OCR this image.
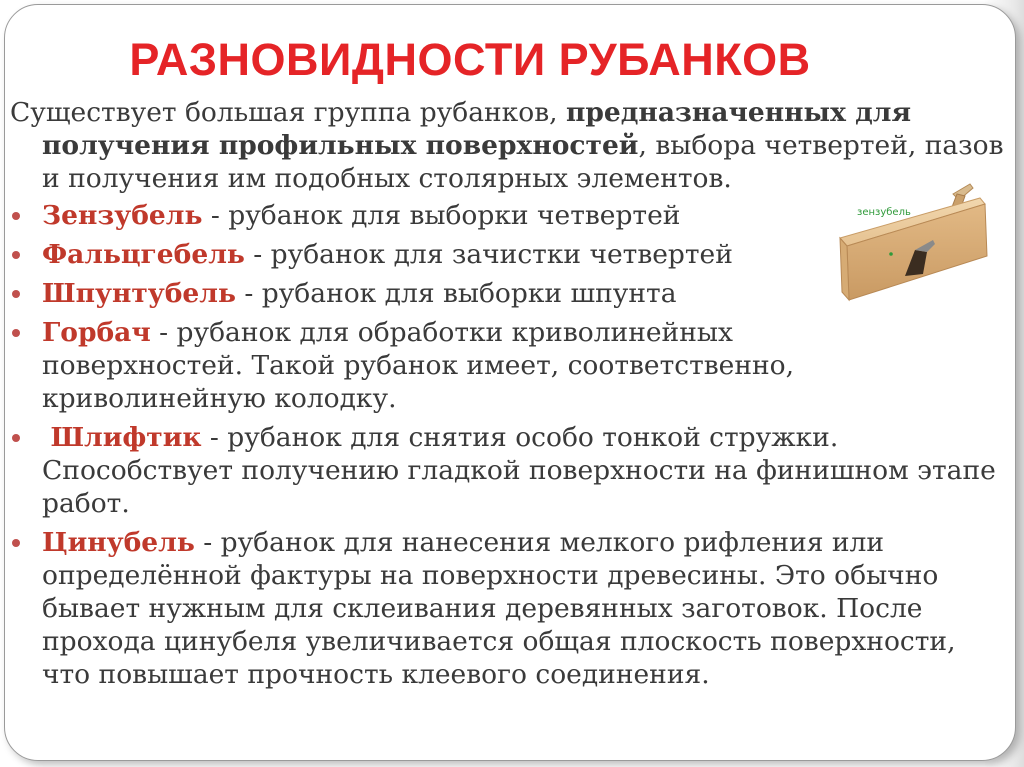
РАЗНОВИДНОСТИ РУБАНКОВ

Существует большая группа рубанков, предназначенных для получения профильных поверхностей, выбора четвертей, пазов и получения им подобных столярных элементов.

Зензубель - рубанок для выборки четвертей
Фальцгебель - рубанок для зачистки четвертей
Шпунтубель - рубанок для выборки шпунта
Горбач - рубанок для обработки криволинейных поверхностей. Такой рубанок имеет, соответственно, криволинейную колодку.
Шлифтик - рубанок для снятия особо тонкой стружки. Способствует получению гладкой поверхности на финишном этапе работ.
Цинубель - рубанок для нанесения мелкого рифления или определённой фактуры на поверхности древесины. Это обычно бывает нужным для склеивания деревянных заготовок. После прохода цинубеля увеличивается общая плоскость поверхности, что повышает прочность клеевого соединения.
зензубель
